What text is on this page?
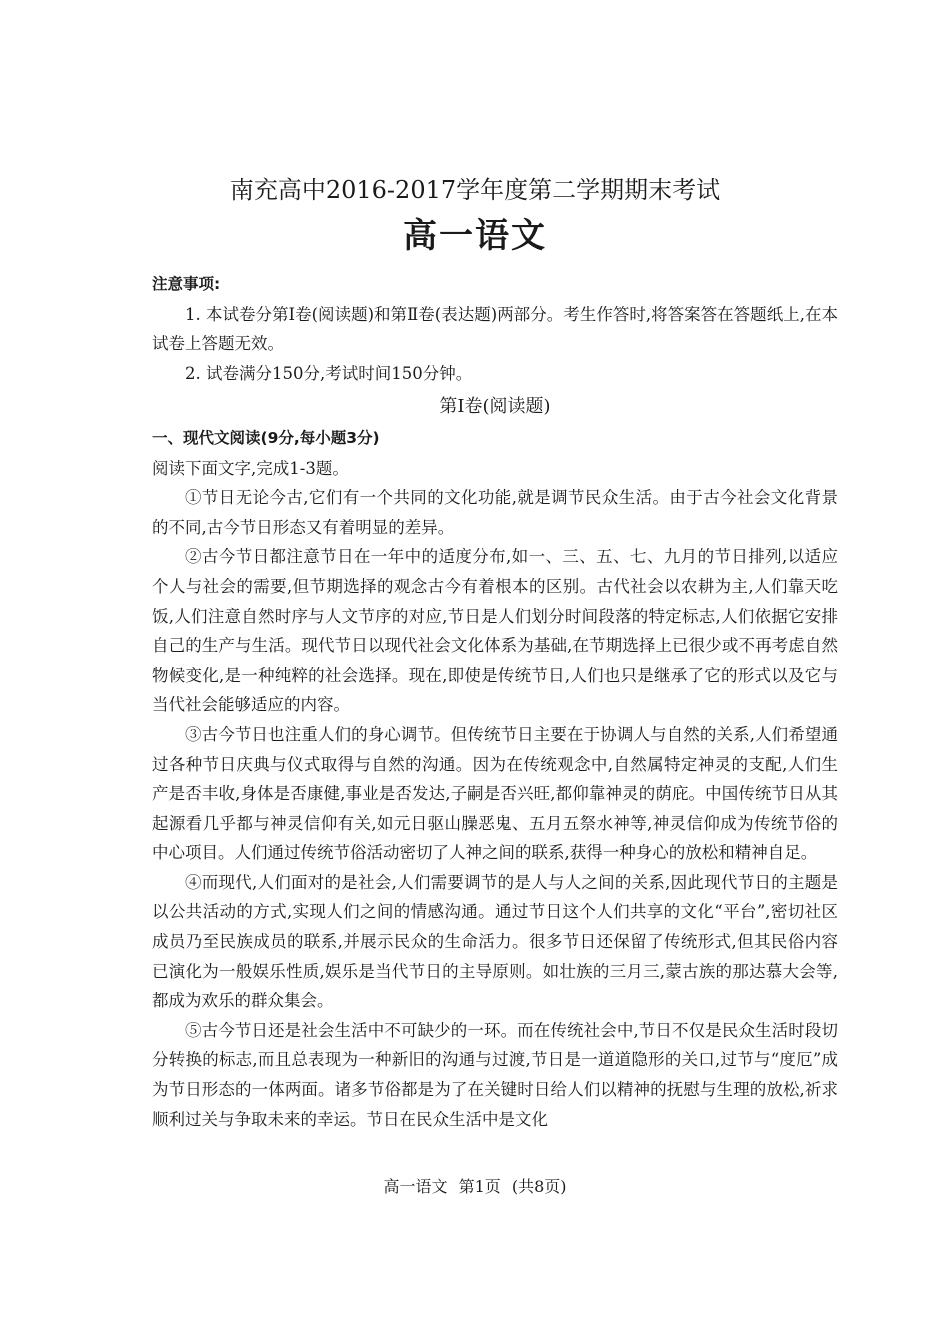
南充高中2016-2017学年度第二学期期末考试
高一语文

注意事项:

1. 本试卷分第Ⅰ卷(阅读题)和第Ⅱ卷(表达题)两部分。考生作答时,将答案答在答题纸上,在本试卷上答题无效。

2. 试卷满分150分,考试时间150分钟。

第Ⅰ卷(阅读题)

一、现代文阅读(9分,每小题3分)

阅读下面文字,完成1-3题。

①节日无论今古,它们有一个共同的文化功能,就是调节民众生活。由于古今社会文化背景的不同,古今节日形态又有着明显的差异。

②古今节日都注意节日在一年中的适度分布,如一、三、五、七、九月的节日排列,以适应个人与社会的需要,但节期选择的观念古今有着根本的区别。古代社会以农耕为主,人们靠天吃饭,人们注意自然时序与人文节序的对应,节日是人们划分时间段落的特定标志,人们依据它安排自己的生产与生活。现代节日以现代社会文化体系为基础,在节期选择上已很少或不再考虑自然物候变化,是一种纯粹的社会选择。现在,即使是传统节日,人们也只是继承了它的形式以及它与当代社会能够适应的内容。

③古今节日也注重人们的身心调节。但传统节日主要在于协调人与自然的关系,人们希望通过各种节日庆典与仪式取得与自然的沟通。因为在传统观念中,自然属特定神灵的支配,人们生产是否丰收,身体是否康健,事业是否发达,子嗣是否兴旺,都仰靠神灵的荫庇。中国传统节日从其起源看几乎都与神灵信仰有关,如元日驱山臊恶鬼、五月五祭水神等,神灵信仰成为传统节俗的中心项目。人们通过传统节俗活动密切了人神之间的联系,获得一种身心的放松和精神自足。

④而现代,人们面对的是社会,人们需要调节的是人与人之间的关系,因此现代节日的主题是以公共活动的方式,实现人们之间的情感沟通。通过节日这个人们共享的文化“平台”,密切社区成员乃至民族成员的联系,并展示民众的生命活力。很多节日还保留了传统形式,但其民俗内容已演化为一般娱乐性质,娱乐是当代节日的主导原则。如壮族的三月三,蒙古族的那达慕大会等,都成为欢乐的群众集会。

⑤古今节日还是社会生活中不可缺少的一环。而在传统社会中,节日不仅是民众生活时段切分转换的标志,而且总表现为一种新旧的沟通与过渡,节日是一道道隐形的关口,过节与“度厄”成为节日形态的一体两面。诸多节俗都是为了在关键时日给人们以精神的抚慰与生理的放松,祈求顺利过关与争取未来的幸运。节日在民众生活中是文化

高一语文 第1页 (共8页)
